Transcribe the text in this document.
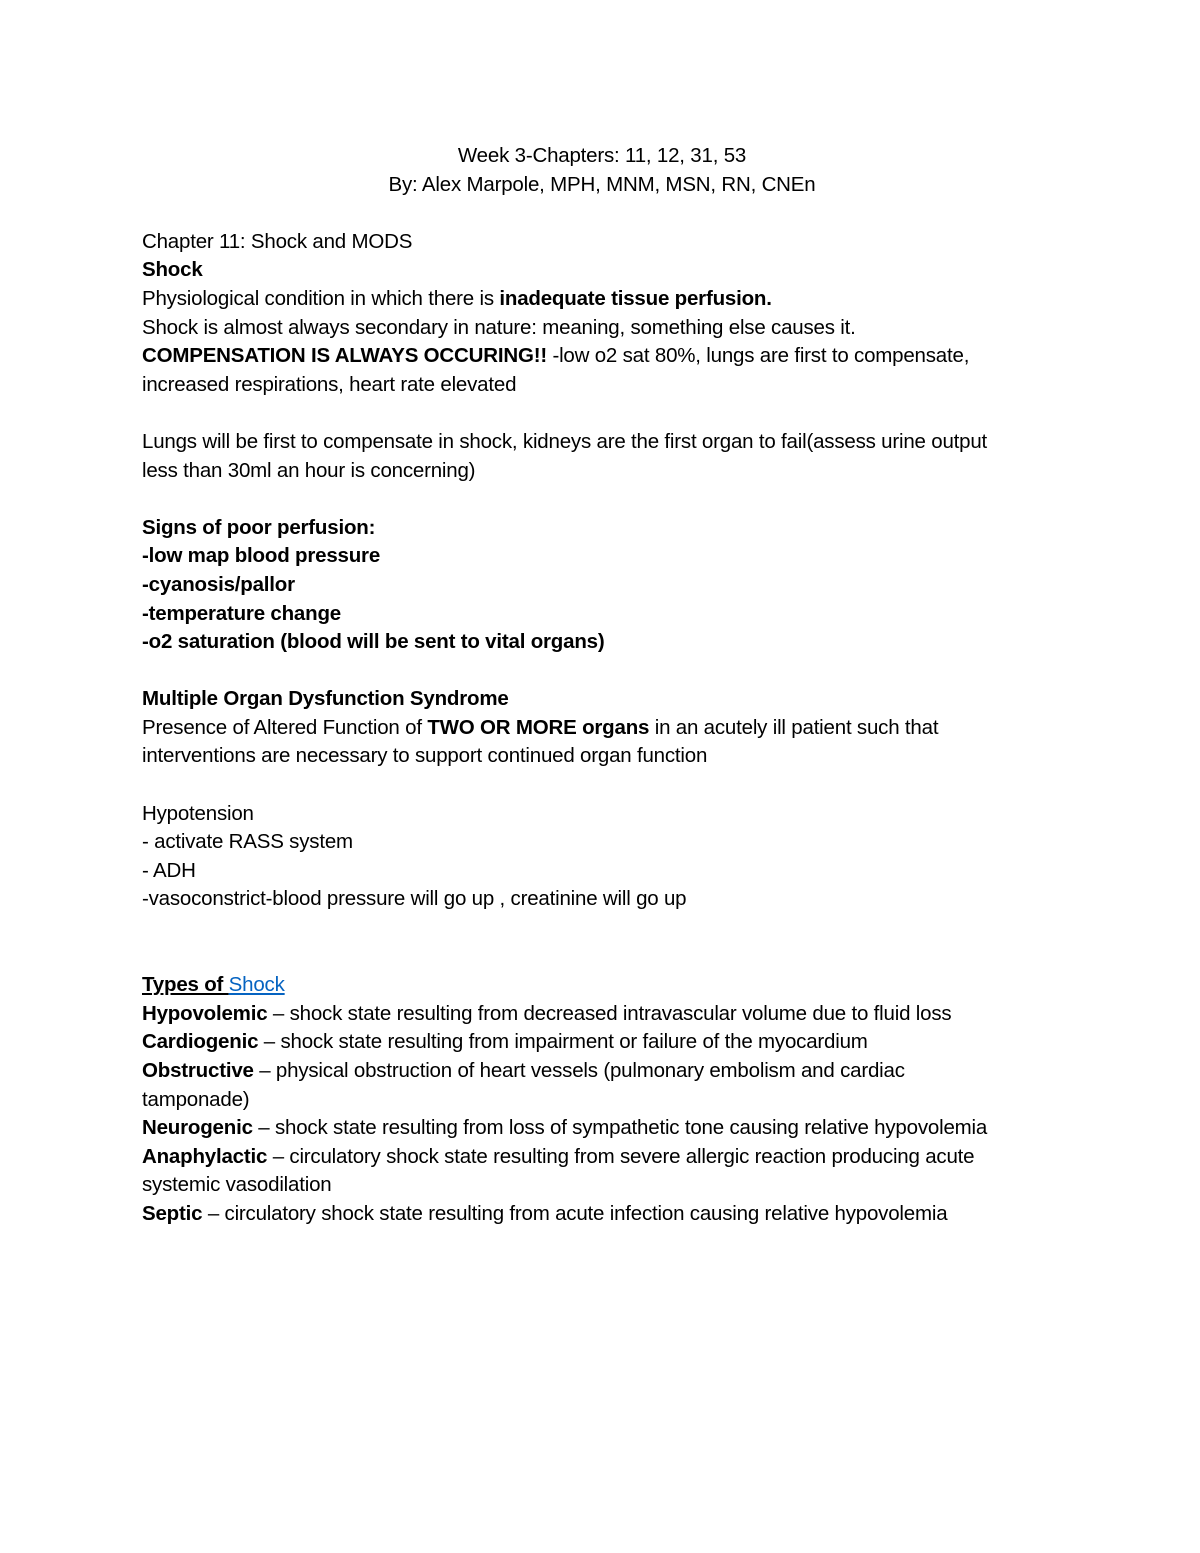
Week 3-Chapters: 11, 12, 31, 53
By: Alex Marpole, MPH, MNM, MSN, RN, CNEn
Chapter 11: Shock and MODS
Shock
Physiological condition in which there is inadequate tissue perfusion.
Shock is almost always secondary in nature: meaning, something else causes it.
COMPENSATION IS ALWAYS OCCURING!! -low o2 sat 80%, lungs are first to compensate,
increased respirations, heart rate elevated
Lungs will be first to compensate in shock, kidneys are the first organ to fail(assess urine output
less than 30ml an hour is concerning)
Signs of poor perfusion:
-low map blood pressure
-cyanosis/pallor
-temperature change
-o2 saturation (blood will be sent to vital organs)
Multiple Organ Dysfunction Syndrome
Presence of Altered Function of TWO OR MORE organs in an acutely ill patient such that
interventions are necessary to support continued organ function
Hypotension
- activate RASS system
- ADH
-vasoconstrict-blood pressure will go up , creatinine will go up
Types of Shock
Hypovolemic – shock state resulting from decreased intravascular volume due to fluid loss
Cardiogenic – shock state resulting from impairment or failure of the myocardium
Obstructive – physical obstruction of heart vessels (pulmonary embolism and cardiac
tamponade)
Neurogenic – shock state resulting from loss of sympathetic tone causing relative hypovolemia
Anaphylactic – circulatory shock state resulting from severe allergic reaction producing acute
systemic vasodilation
Septic – circulatory shock state resulting from acute infection causing relative hypovolemia
